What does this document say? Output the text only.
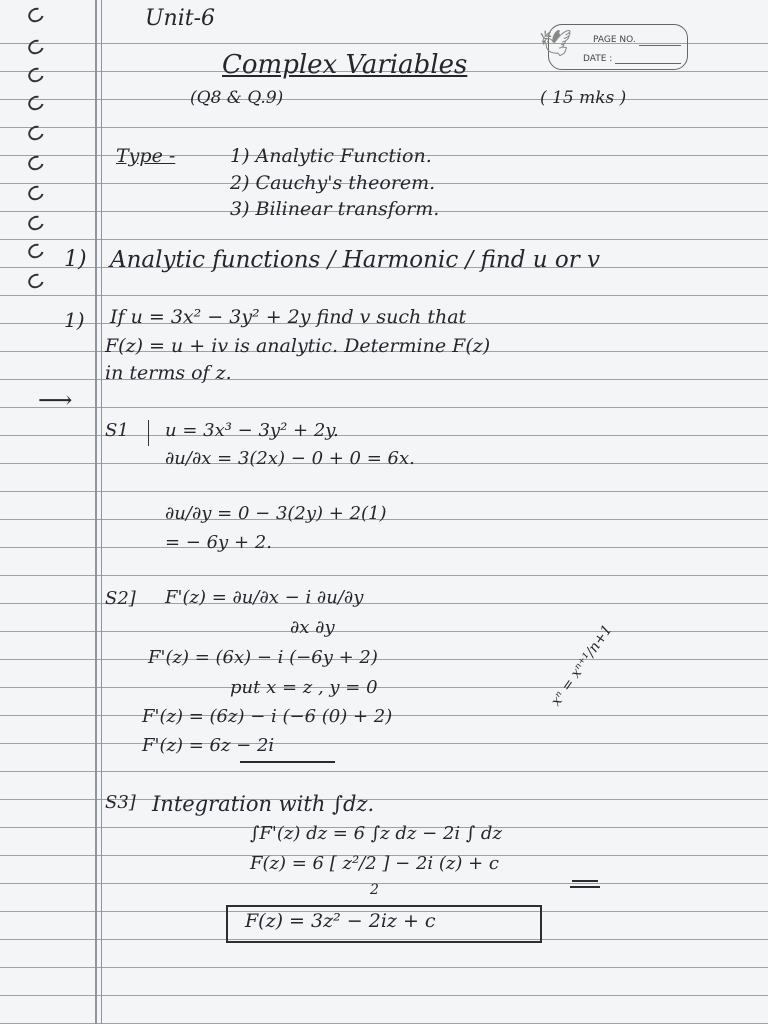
🕊 PAGE NO.
DATE :
Unit-6
Complex Variables
(Q8 & Q.9)	( 15 mks )
Type -	1) Analytic Function.
2) Cauchy's theorem.
3) Bilinear transform.
1) Analytic functions / Harmonic / find u or v
1) If u = 3x² − 3y² + 2y find v such that
F(z) = u + iv is analytic. Determine F(z)
in terms of z.
⟶
S1 u = 3x³ − 3y² + 2y.
∂u/∂x = 3(2x) − 0 + 0 = 6x.
∂u/∂y = 0 − 3(2y) + 2(1)
= − 6y + 2.
S2] F'(z) = ∂u/∂x − i ∂u/∂y
∂x ∂y
F'(z) = (6x) − i (−6y + 2)
put x = z , y = 0
F'(z) = (6z) − i (−6 (0) + 2)
F'(z) = 6z − 2i
xⁿ = xⁿ⁺¹/n+1
S3] Integration with ∫dz.
∫F'(z) dz = 6 ∫z dz − 2i ∫ dz
F(z) = 6 [ z²/2 ] − 2i (z) + c
2
F(z) = 3z² − 2iz + c
